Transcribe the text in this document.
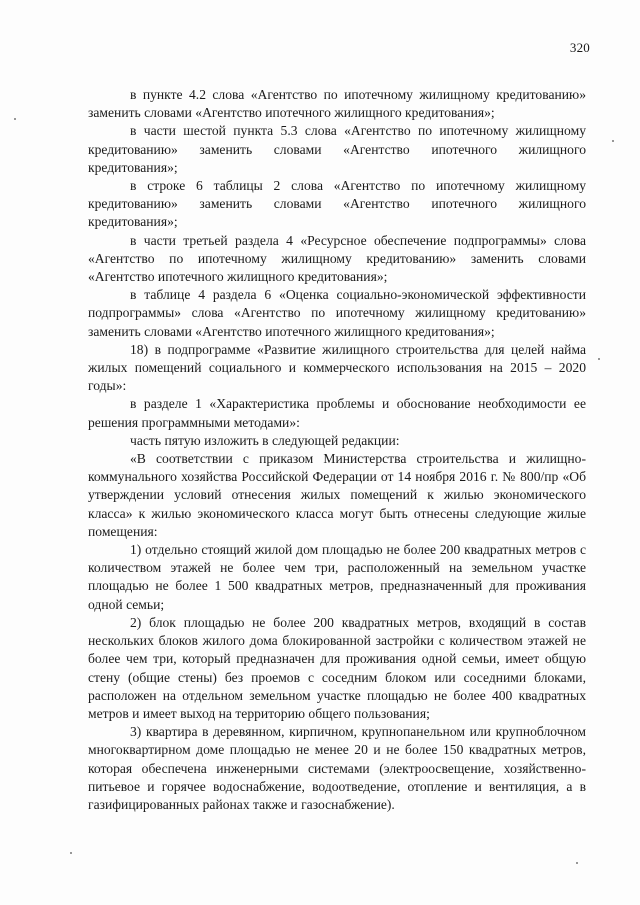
320

в пункте 4.2 слова «Агентство по ипотечному жилищному кредитованию» заменить словами «Агентство ипотечного жилищного кредитования»;

в части шестой пункта 5.3 слова «Агентство по ипотечному жилищному кредитованию» заменить словами «Агентство ипотечного жилищного кредитования»;

в строке 6 таблицы 2 слова «Агентство по ипотечному жилищному кредитованию» заменить словами «Агентство ипотечного жилищного кредитования»;

в части третьей раздела 4 «Ресурсное обеспечение подпрограммы» слова «Агентство по ипотечному жилищному кредитованию» заменить словами «Агентство ипотечного жилищного кредитования»;

в таблице 4 раздела 6 «Оценка социально-экономической эффективности подпрограммы» слова «Агентство по ипотечному жилищному кредитованию» заменить словами «Агентство ипотечного жилищного кредитования»;

18) в подпрограмме «Развитие жилищного строительства для целей найма жилых помещений социального и коммерческого использования на 2015 – 2020 годы»:

в разделе 1 «Характеристика проблемы и обоснование необходимости ее решения программными методами»:

часть пятую изложить в следующей редакции:

«В соответствии с приказом Министерства строительства и жилищно-коммунального хозяйства Российской Федерации от 14 ноября 2016 г. № 800/пр «Об утверждении условий отнесения жилых помещений к жилью экономического класса» к жилью экономического класса могут быть отнесены следующие жилые помещения:

1) отдельно стоящий жилой дом площадью не более 200 квадратных метров с количеством этажей не более чем три, расположенный на земельном участке площадью не более 1 500 квадратных метров, предназначенный для проживания одной семьи;

2) блок площадью не более 200 квадратных метров, входящий в состав нескольких блоков жилого дома блокированной застройки с количеством этажей не более чем три, который предназначен для проживания одной семьи, имеет общую стену (общие стены) без проемов с соседним блоком или соседними блоками, расположен на отдельном земельном участке площадью не более 400 квадратных метров и имеет выход на территорию общего пользования;

3) квартира в деревянном, кирпичном, крупнопанельном или крупноблочном многоквартирном доме площадью не менее 20 и не более 150 квадратных метров, которая обеспечена инженерными системами (электроосвещение, хозяйственно-питьевое и горячее водоснабжение, водоотведение, отопление и вентиляция, а в газифицированных районах также и газоснабжение).
